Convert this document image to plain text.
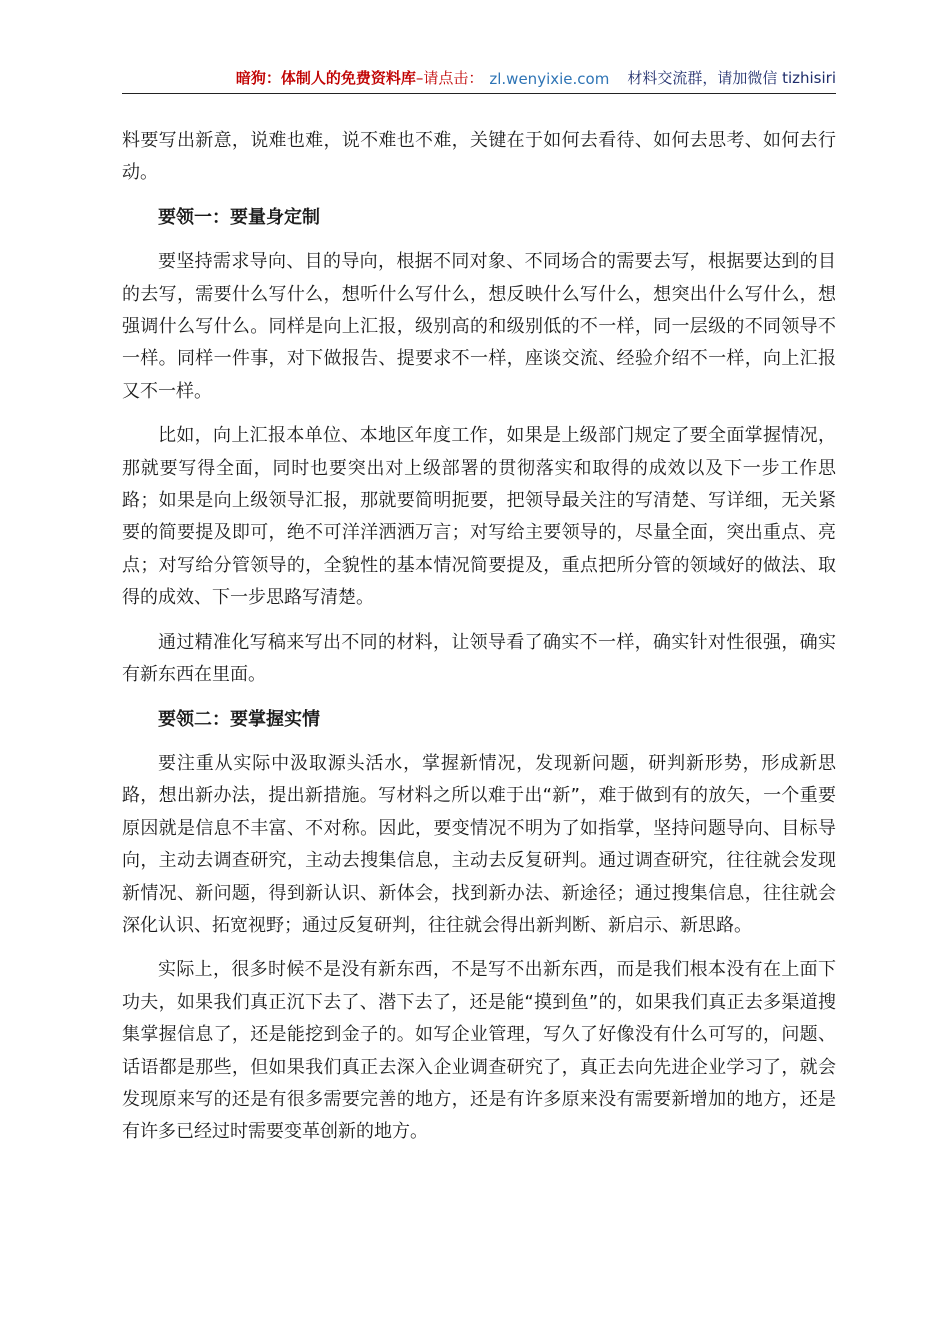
暗狗：体制人的免费资料库 –请点击： zl.wenyixie.com 材料交流群，请加微信 tizhisiri

料要写出新意，说难也难，说不难也不难，关键在于如何去看待、如何去思考、如何去行动。

要领一：要量身定制

要坚持需求导向、目的导向，根据不同对象、不同场合的需要去写，根据要达到的目的去写，需要什么写什么，想听什么写什么，想反映什么写什么，想突出什么写什么，想强调什么写什么。同样是向上汇报，级别高的和级别低的不一样，同一层级的不同领导不一样。同样一件事，对下做报告、提要求不一样，座谈交流、经验介绍不一样，向上汇报又不一样。

比如，向上汇报本单位、本地区年度工作，如果是上级部门规定了要全面掌握情况，那就要写得全面，同时也要突出对上级部署的贯彻落实和取得的成效以及下一步工作思路；如果是向上级领导汇报，那就要简明扼要，把领导最关注的写清楚、写详细，无关紧要的简要提及即可，绝不可洋洋洒洒万言；对写给主要领导的，尽量全面，突出重点、亮点；对写给分管领导的，全貌性的基本情况简要提及，重点把所分管的领域好的做法、取得的成效、下一步思路写清楚。

通过精准化写稿来写出不同的材料，让领导看了确实不一样，确实针对性很强，确实有新东西在里面。

要领二：要掌握实情

要注重从实际中汲取源头活水，掌握新情况，发现新问题，研判新形势，形成新思路，想出新办法，提出新措施。写材料之所以难于出“新”，难于做到有的放矢，一个重要原因就是信息不丰富、不对称。因此，要变情况不明为了如指掌，坚持问题导向、目标导向，主动去调查研究，主动去搜集信息，主动去反复研判。通过调查研究，往往就会发现新情况、新问题，得到新认识、新体会，找到新办法、新途径；通过搜集信息，往往就会深化认识、拓宽视野；通过反复研判，往往就会得出新判断、新启示、新思路。

实际上，很多时候不是没有新东西，不是写不出新东西，而是我们根本没有在上面下功夫，如果我们真正沉下去了、潜下去了，还是能“摸到鱼”的，如果我们真正去多渠道搜集掌握信息了，还是能挖到金子的。如写企业管理，写久了好像没有什么可写的，问题、话语都是那些，但如果我们真正去深入企业调查研究了，真正去向先进企业学习了，就会发现原来写的还是有很多需要完善的地方，还是有许多原来没有需要新增加的地方，还是有许多已经过时需要变革创新的地方。
